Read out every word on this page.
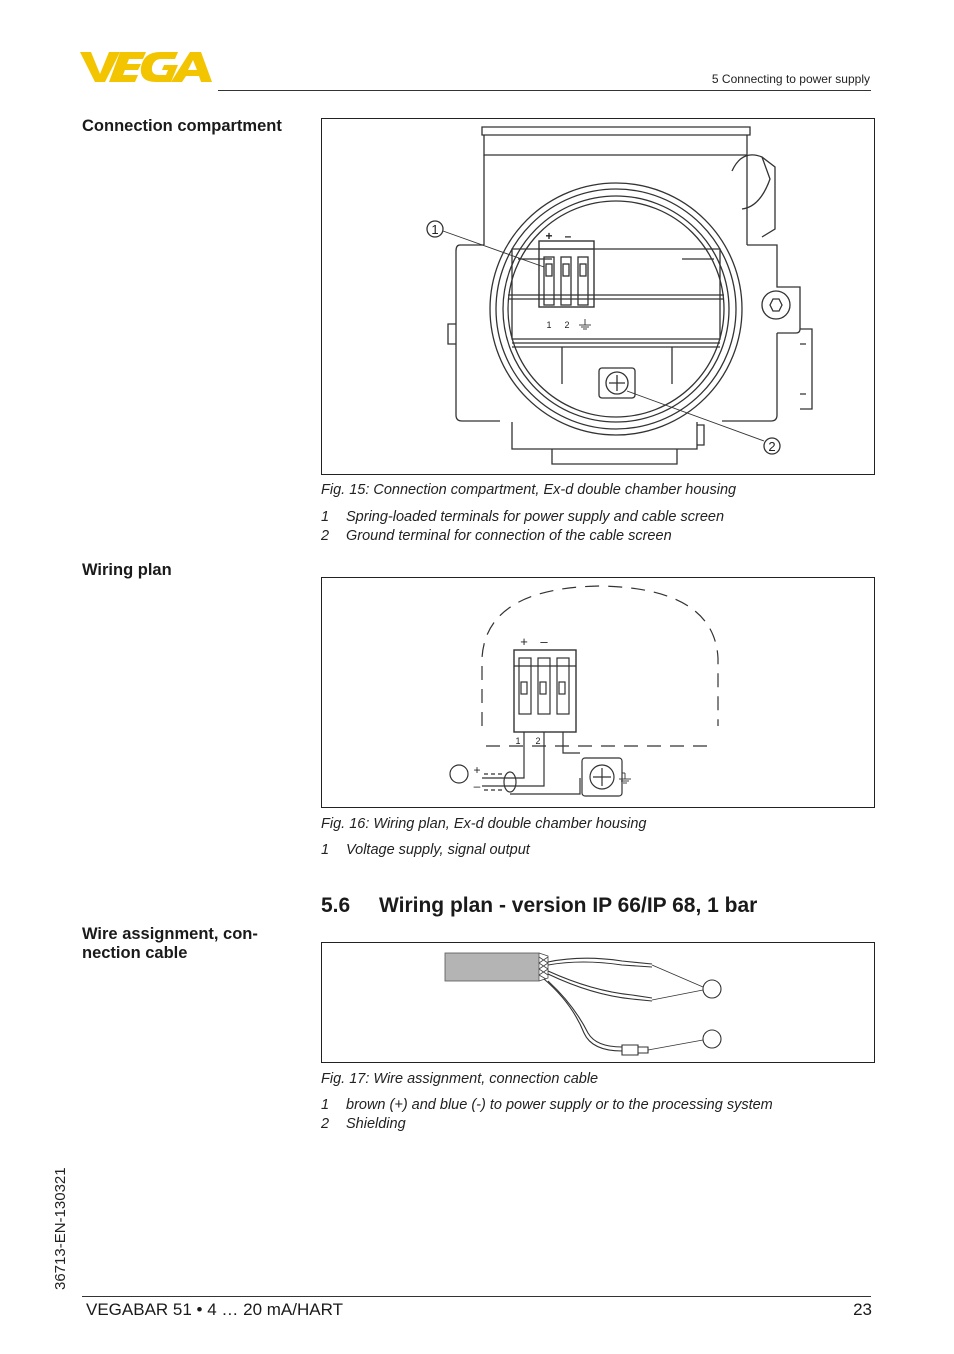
5 Connecting to power supply
Connection compartment
Wiring plan
Wire assignment, con-
nection cable
1
2
+ –
1 2
Fig. 15: Connection compartment, Ex-d double chamber housing
1	Spring-loaded terminals for power supply and cable screen
2	Ground terminal for connection of the cable screen
+ –
1 2
+
–
Fig. 16: Wiring plan, Ex-d double chamber housing
1	Voltage supply, signal output
5.6 Wiring plan - version IP 66/IP 68, 1 bar
Fig. 17: Wire assignment, connection cable
1	brown (+) and blue (-) to power supply or to the processing system
2	Shielding
36713-EN-130321
VEGABAR 51 • 4 … 20 mA/HART	23
